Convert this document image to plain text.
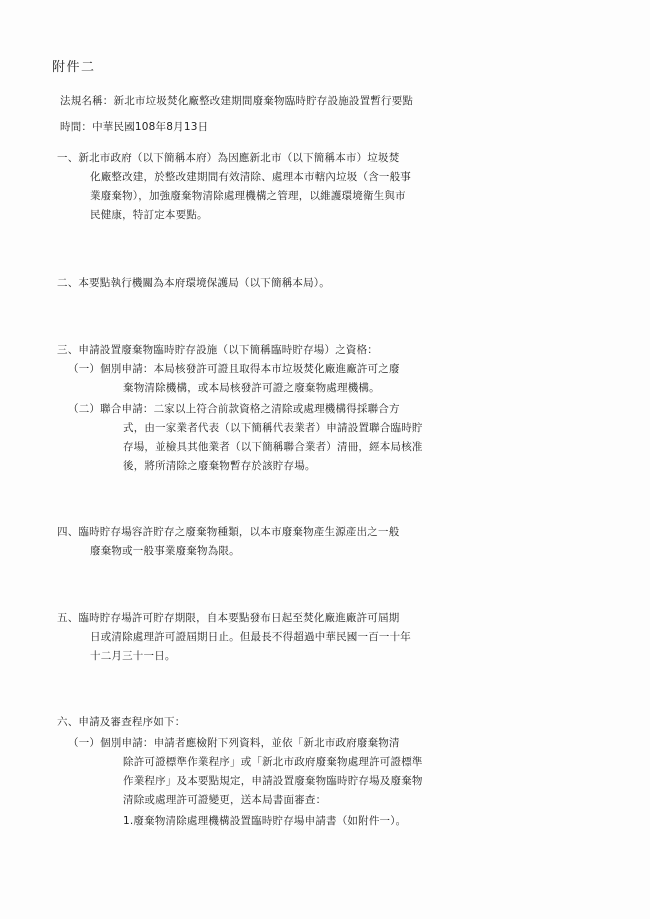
附件二
法規名稱：新北市垃圾焚化廠整改建期間廢棄物臨時貯存設施設置暫行要點
時間：中華民國108年8月13日
一、新北市政府（以下簡稱本府）為因應新北市（以下簡稱本市）垃圾焚
化廠整改建，於整改建期間有效清除、處理本市轄內垃圾（含一般事
業廢棄物），加強廢棄物清除處理機構之管理，以維護環境衛生與市
民健康，特訂定本要點。
二、本要點執行機關為本府環境保護局（以下簡稱本局）。
三、申請設置廢棄物臨時貯存設施（以下簡稱臨時貯存場）之資格：
（一）個別申請：本局核發許可證且取得本市垃圾焚化廠進廠許可之廢
棄物清除機構，或本局核發許可證之廢棄物處理機構。
（二）聯合申請：二家以上符合前款資格之清除或處理機構得採聯合方
式，由一家業者代表（以下簡稱代表業者）申請設置聯合臨時貯
存場，並檢具其他業者（以下簡稱聯合業者）清冊，經本局核准
後，將所清除之廢棄物暫存於該貯存場。
四、臨時貯存場容許貯存之廢棄物種類，以本市廢棄物產生源產出之一般
廢棄物或一般事業廢棄物為限。
五、臨時貯存場許可貯存期限，自本要點發布日起至焚化廠進廠許可屆期
日或清除處理許可證屆期日止。但最長不得超過中華民國一百一十年
十二月三十一日。
六、申請及審查程序如下：
（一）個別申請：申請者應檢附下列資料，並依「新北市政府廢棄物清
除許可證標準作業程序」或「新北市政府廢棄物處理許可證標準
作業程序」及本要點規定，申請設置廢棄物臨時貯存場及廢棄物
清除或處理許可證變更，送本局書面審查：
1.廢棄物清除處理機構設置臨時貯存場申請書（如附件一）。
